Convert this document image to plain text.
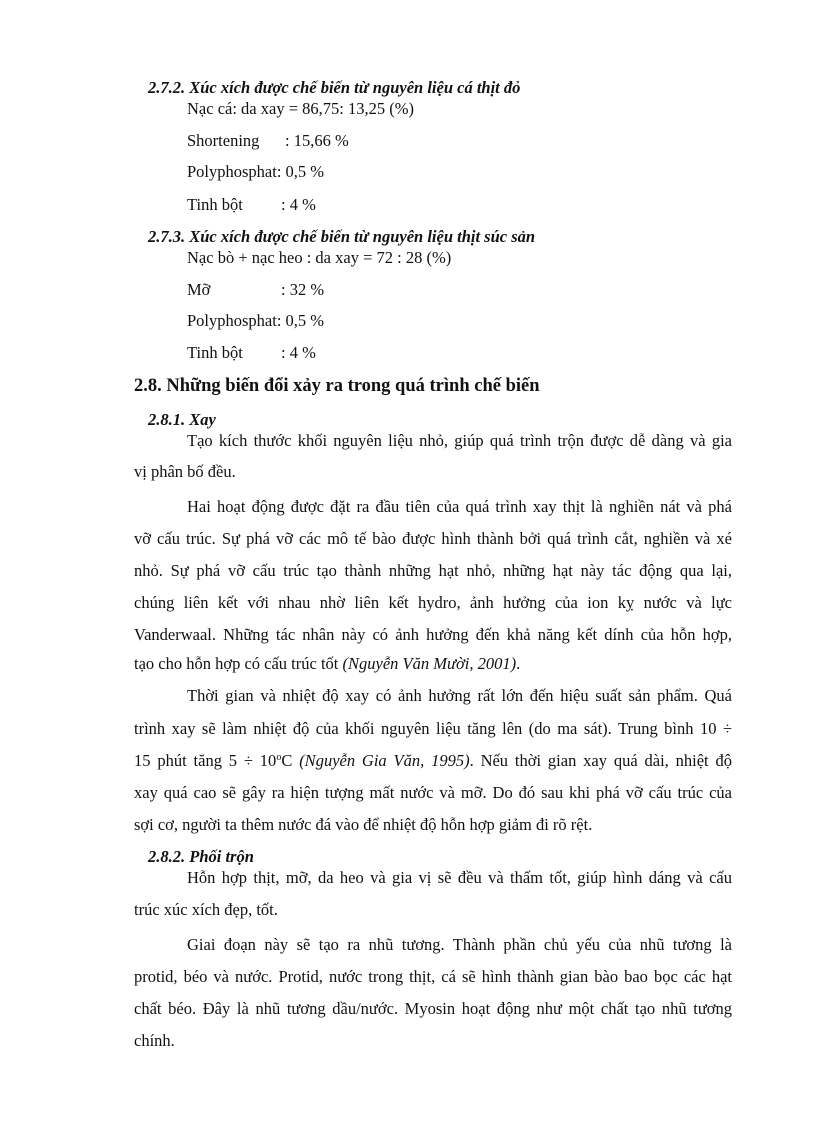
2.7.2. Xúc xích được chế biến từ nguyên liệu cá thịt đỏ
Nạc cá: da xay = 86,75: 13,25 (%)
Shortening : 15,66 %
Polyphosphat: 0,5 %
Tinh bột : 4 %
2.7.3. Xúc xích được chế biến từ nguyên liệu thịt súc sản
Nạc bò + nạc heo : da xay = 72 : 28 (%)
Mỡ	: 32 %
Polyphosphat: 0,5 %
Tinh bột : 4 %
2.8. Những biến đổi xảy ra trong quá trình chế biến
2.8.1. Xay
Tạo kích thước khối nguyên liệu nhỏ, giúp quá trình trộn được dễ dàng và gia
vị phân bố đều.
Hai hoạt động được đặt ra đầu tiên của quá trình xay thịt là nghiền nát và phá
vỡ cấu trúc. Sự phá vỡ các mô tế bào được hình thành bởi quá trình cắt, nghiền và xé
nhỏ. Sự phá vỡ cấu trúc tạo thành những hạt nhỏ, những hạt này tác động qua lại,
chúng liên kết với nhau nhờ liên kết hydro, ảnh hưởng của ion kỵ nước và lực
Vanderwaal. Những tác nhân này có ảnh hưởng đến khả năng kết dính của hỗn hợp,
tạo cho hỗn hợp có cấu trúc tốt (Nguyễn Văn Mười, 2001).
Thời gian và nhiệt độ xay có ảnh hưởng rất lớn đến hiệu suất sản phẩm. Quá
trình xay sẽ làm nhiệt độ của khối nguyên liệu tăng lên (do ma sát). Trung bình 10 ÷
15 phút tăng $5 \div 10^oC$ (Nguyễn Gia Văn, 1995). Nếu thời gian xay quá dài, nhiệt độ
xay quá cao sẽ gây ra hiện tượng mất nước và mỡ. Do đó sau khi phá vỡ cấu trúc của
sợi cơ, người ta thêm nước đá vào để nhiệt độ hỗn hợp giảm đi rõ rệt.
2.8.2. Phối trộn
Hỗn hợp thịt, mỡ, da heo và gia vị sẽ đều và thấm tốt, giúp hình dáng và cấu
trúc xúc xích đẹp, tốt.
Giai đoạn này sẽ tạo ra nhũ tương. Thành phần chủ yếu của nhũ tương là
protid, béo và nước. Protid, nước trong thịt, cá sẽ hình thành gian bào bao bọc các hạt
chất béo. Đây là nhũ tương dầu/nước. Myosin hoạt động như một chất tạo nhũ tương
chính.
